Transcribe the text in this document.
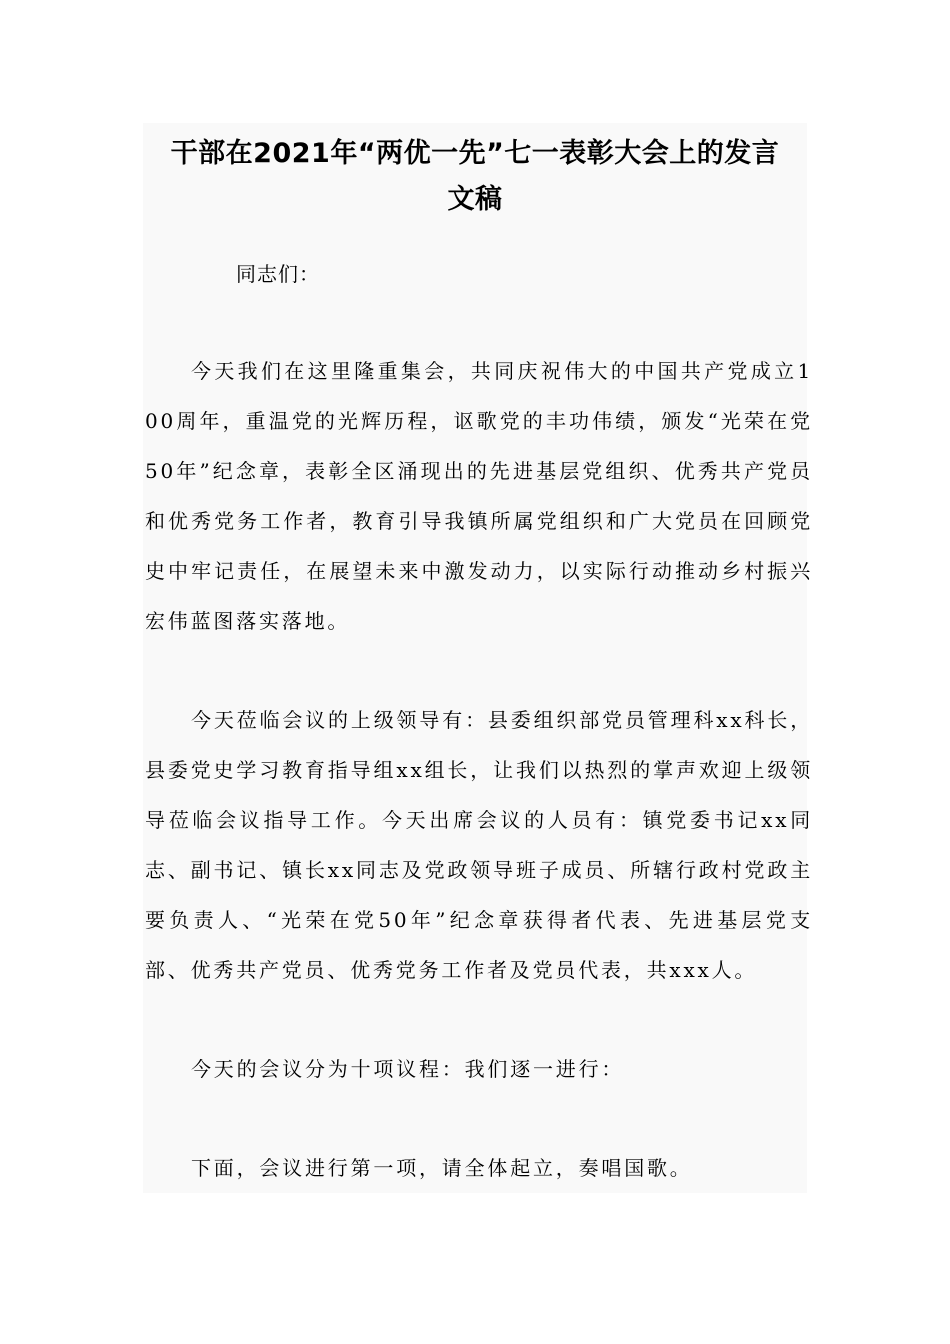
干部在2021年“两优一先”七一表彰大会上的发言
文稿

同志们：

今天我们在这里隆重集会，共同庆祝伟大的中国共产党成立100周年，重温党的光辉历程，讴歌党的丰功伟绩，颁发“光荣在党50年”纪念章，表彰全区涌现出的先进基层党组织、优秀共产党员和优秀党务工作者，教育引导我镇所属党组织和广大党员在回顾党史中牢记责任，在展望未来中激发动力，以实际行动推动乡村振兴宏伟蓝图落实落地。

今天莅临会议的上级领导有：县委组织部党员管理科xx科长，县委党史学习教育指导组xx组长，让我们以热烈的掌声欢迎上级领导莅临会议指导工作。今天出席会议的人员有：镇党委书记xx同志、副书记、镇长xx同志及党政领导班子成员、所辖行政村党政主要负责人、“光荣在党50年”纪念章获得者代表、先进基层党支部、优秀共产党员、优秀党务工作者及党员代表，共xxx人。

今天的会议分为十项议程：我们逐一进行：

下面，会议进行第一项，请全体起立，奏唱国歌。
